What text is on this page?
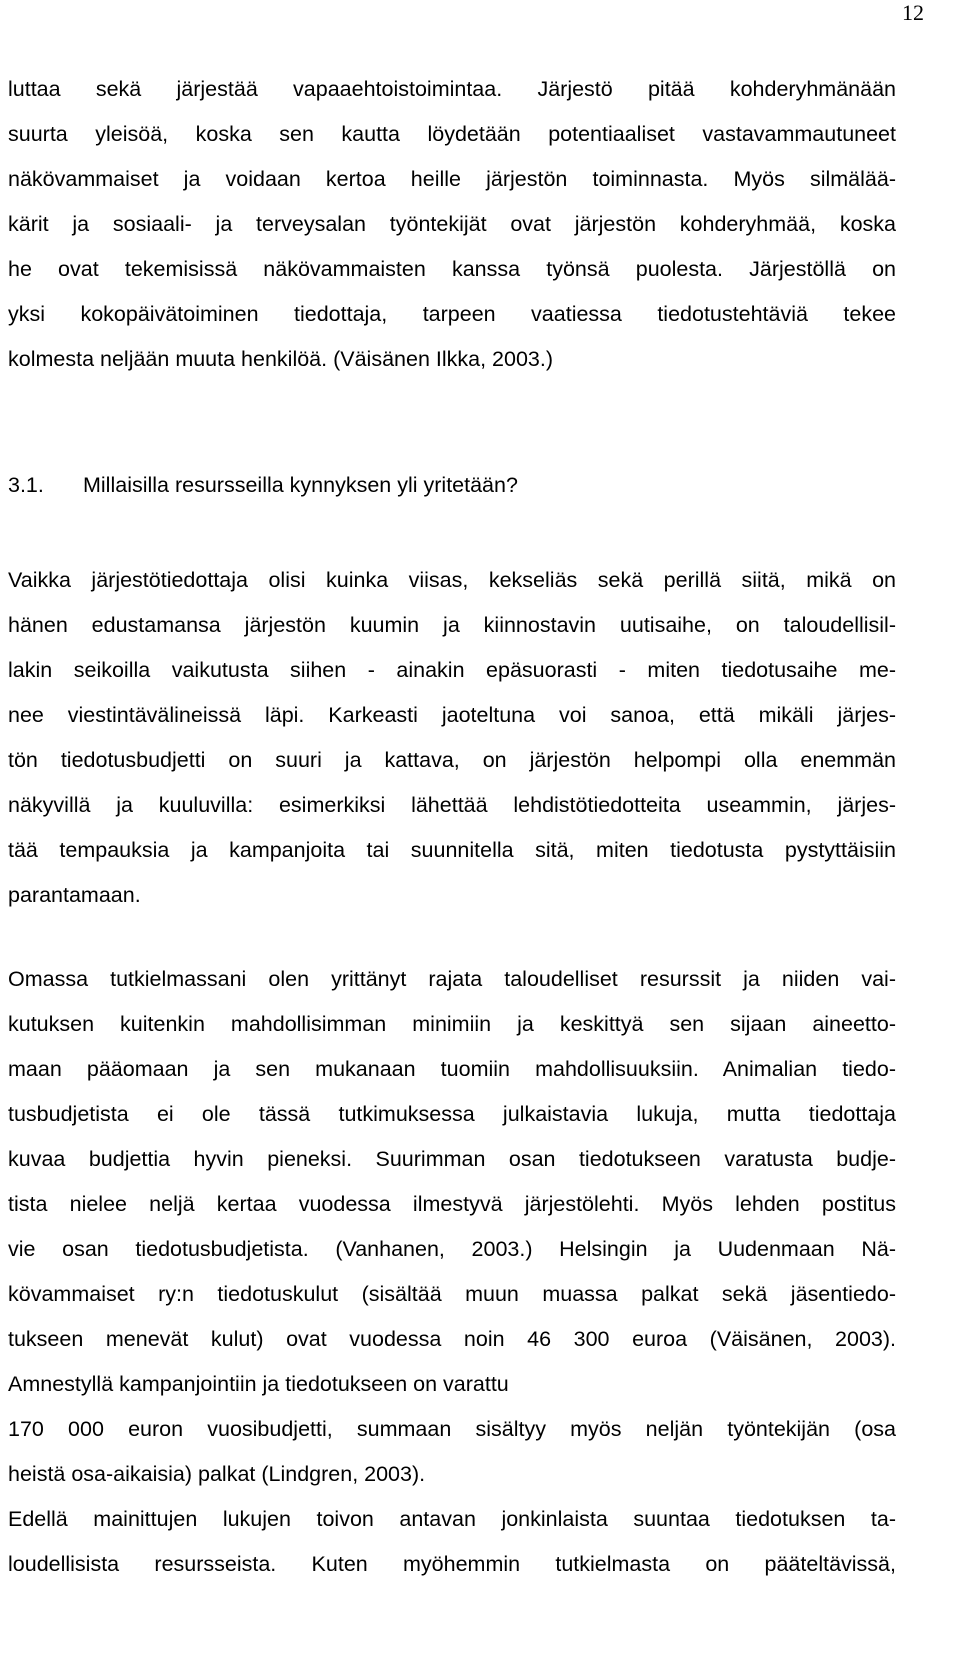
12
luttaa sekä järjestää vapaaehtoistoimintaa. Järjestö pitää kohderyhmänään
suurta yleisöä, koska sen kautta löydetään potentiaaliset vastavammautuneet
näkövammaiset ja voidaan kertoa heille järjestön toiminnasta. Myös silmälää-
kärit ja sosiaali- ja terveysalan työntekijät ovat järjestön kohderyhmää, koska
he ovat tekemisissä näkövammaisten kanssa työnsä puolesta. Järjestöllä on
yksi kokopäivätoiminen tiedottaja, tarpeen vaatiessa tiedotustehtäviä tekee
kolmesta neljään muuta henkilöä. (Väisänen Ilkka, 2003.)
3.1. Millaisilla resursseilla kynnyksen yli yritetään?
Vaikka järjestötiedottaja olisi kuinka viisas, kekseliäs sekä perillä siitä, mikä on
hänen edustamansa järjestön kuumin ja kiinnostavin uutisaihe, on taloudellisil-
lakin seikoilla vaikutusta siihen - ainakin epäsuorasti - miten tiedotusaihe me-
nee viestintävälineissä läpi. Karkeasti jaoteltuna voi sanoa, että mikäli järjes-
tön tiedotusbudjetti on suuri ja kattava, on järjestön helpompi olla enemmän
näkyvillä ja kuuluvilla: esimerkiksi lähettää lehdistötiedotteita useammin, järjes-
tää tempauksia ja kampanjoita tai suunnitella sitä, miten tiedotusta pystyttäisiin
parantamaan.
Omassa tutkielmassani olen yrittänyt rajata taloudelliset resurssit ja niiden vai-
kutuksen kuitenkin mahdollisimman minimiin ja keskittyä sen sijaan aineetto-
maan pääomaan ja sen mukanaan tuomiin mahdollisuuksiin. Animalian tiedo-
tusbudjetista ei ole tässä tutkimuksessa julkaistavia lukuja, mutta tiedottaja
kuvaa budjettia hyvin pieneksi. Suurimman osan tiedotukseen varatusta budje-
tista nielee neljä kertaa vuodessa ilmestyvä järjestölehti. Myös lehden postitus
vie osan tiedotusbudjetista. (Vanhanen, 2003.) Helsingin ja Uudenmaan Nä-
kövammaiset ry:n tiedotuskulut (sisältää muun muassa palkat sekä jäsentiedo-
tukseen menevät kulut) ovat vuodessa noin 46 300 euroa (Väisänen, 2003).
Amnestyllä kampanjointiin ja tiedotukseen on varattu
170 000 euron vuosibudjetti, summaan sisältyy myös neljän työntekijän (osa
heistä osa-aikaisia) palkat (Lindgren, 2003).
Edellä mainittujen lukujen toivon antavan jonkinlaista suuntaa tiedotuksen ta-
loudellisista resursseista. Kuten myöhemmin tutkielmasta on pääteltävissä,
